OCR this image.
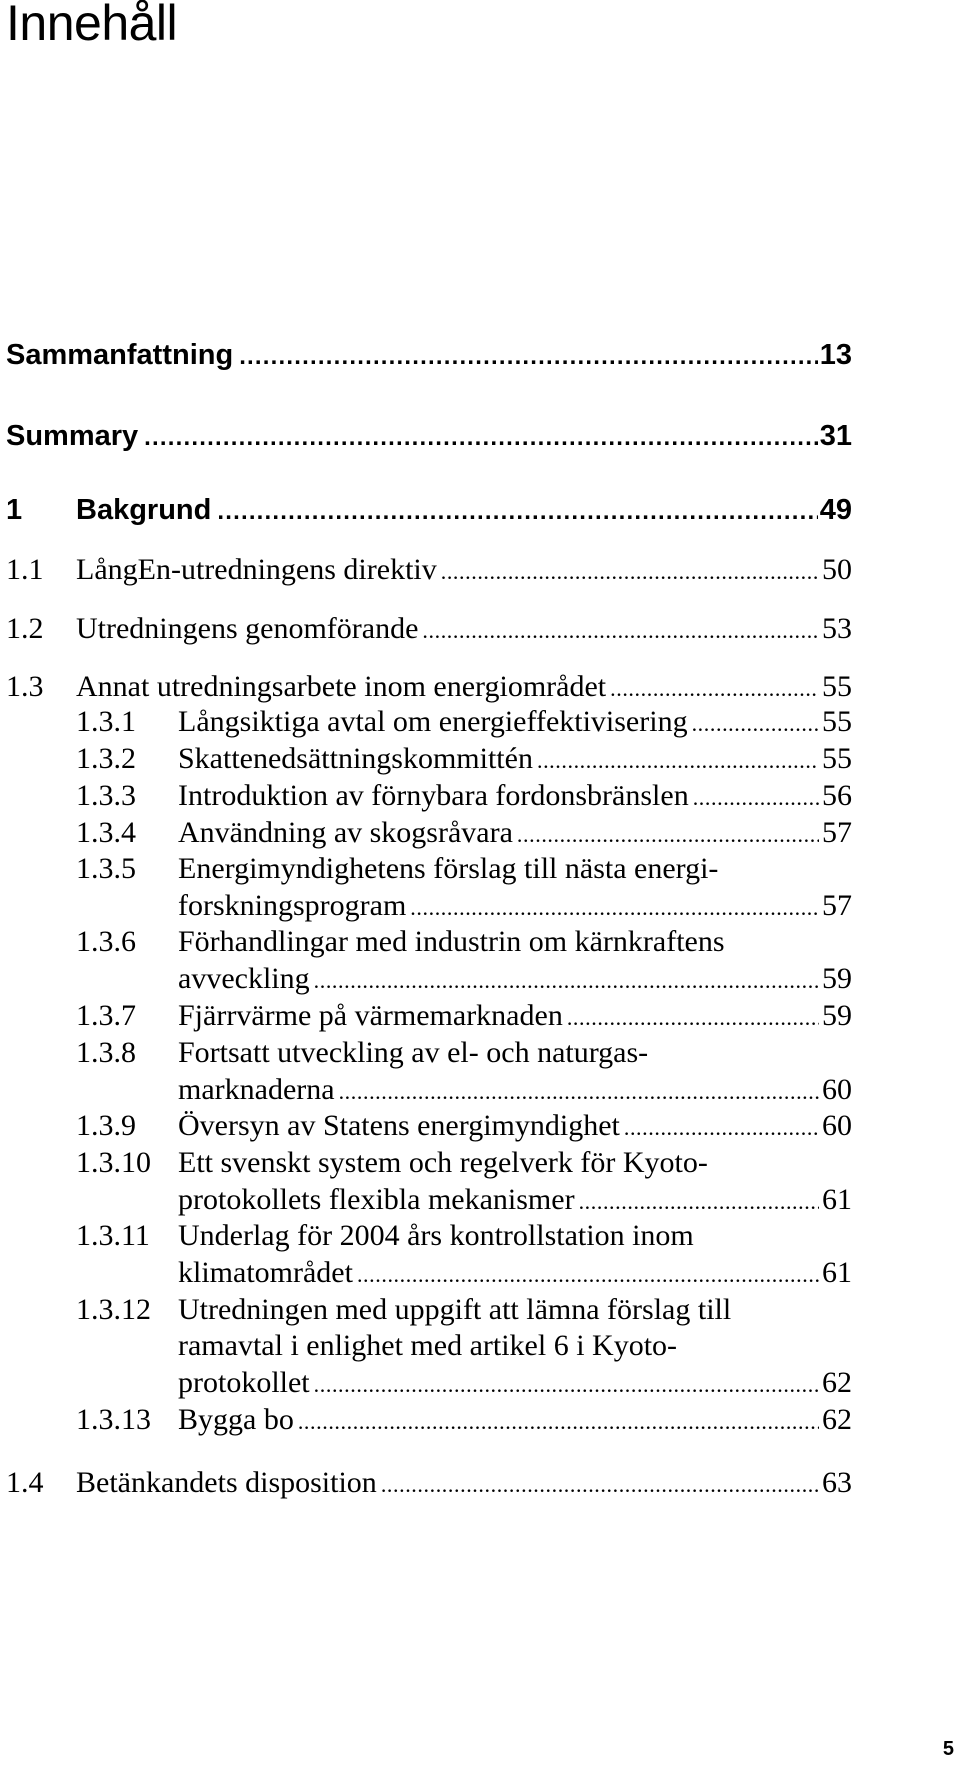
Innehåll
Sammanfattning .....	13
Summary .....	31
1 Bakgrund .....	49
1.1 LångEn-utredningens direktiv .....	50
1.2 Utredningens genomförande .....	53
1.3 Annat utredningsarbete inom energiområdet .....	55
1.3.1 Långsiktiga avtal om energieffektivisering .....	55
1.3.2 Skattenedsättningskommittén .....	55
1.3.3 Introduktion av förnybara fordonsbränslen .....	56
1.3.4 Användning av skogsråvara .....	57
1.3.5 Energimyndighetens förslag till nästa energi-
forskningsprogram .....	57
1.3.6 Förhandlingar med industrin om kärnkraftens
avveckling .....	59
1.3.7 Fjärrvärme på värmemarknaden .....	59
1.3.8 Fortsatt utveckling av el- och naturgas-
marknaderna .....	60
1.3.9 Översyn av Statens energimyndighet .....	60
1.3.10 Ett svenskt system och regelverk för Kyoto-
protokollets flexibla mekanismer .....	61
1.3.11 Underlag för 2004 års kontrollstation inom
klimatområdet .....	61
1.3.12 Utredningen med uppgift att lämna förslag till
ramavtal i enlighet med artikel 6 i Kyoto-
protokollet .....	62
1.3.13 Bygga bo .....	62
1.4 Betänkandets disposition .....	63
5
